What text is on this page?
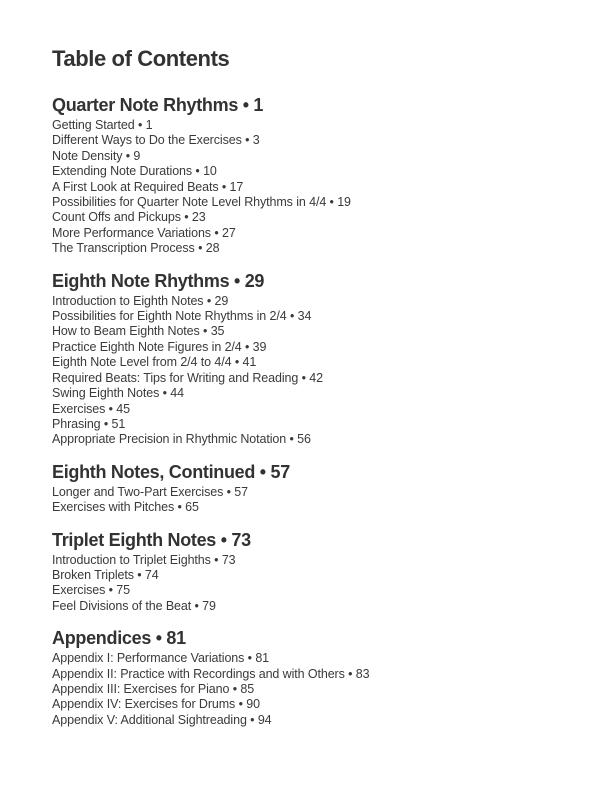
Table of Contents
Quarter Note Rhythms • 1
Getting Started • 1
Different Ways to Do the Exercises • 3
Note Density • 9
Extending Note Durations • 10
A First Look at Required Beats • 17
Possibilities for Quarter Note Level Rhythms in 4/4 • 19
Count Offs and Pickups • 23
More Performance Variations • 27
The Transcription Process • 28
Eighth Note Rhythms • 29
Introduction to Eighth Notes • 29
Possibilities for Eighth Note Rhythms in 2/4 • 34
How to Beam Eighth Notes • 35
Practice Eighth Note Figures in 2/4 • 39
Eighth Note Level from 2/4 to 4/4 • 41
Required Beats: Tips for Writing and Reading • 42
Swing Eighth Notes • 44
Exercises • 45
Phrasing • 51
Appropriate Precision in Rhythmic Notation • 56
Eighth Notes, Continued • 57
Longer and Two-Part Exercises • 57
Exercises with Pitches • 65
Triplet Eighth Notes • 73
Introduction to Triplet Eighths • 73
Broken Triplets • 74
Exercises • 75
Feel Divisions of the Beat • 79
Appendices • 81
Appendix I: Performance Variations • 81
Appendix II: Practice with Recordings and with Others • 83
Appendix III: Exercises for Piano • 85
Appendix IV: Exercises for Drums • 90
Appendix V: Additional Sightreading • 94
